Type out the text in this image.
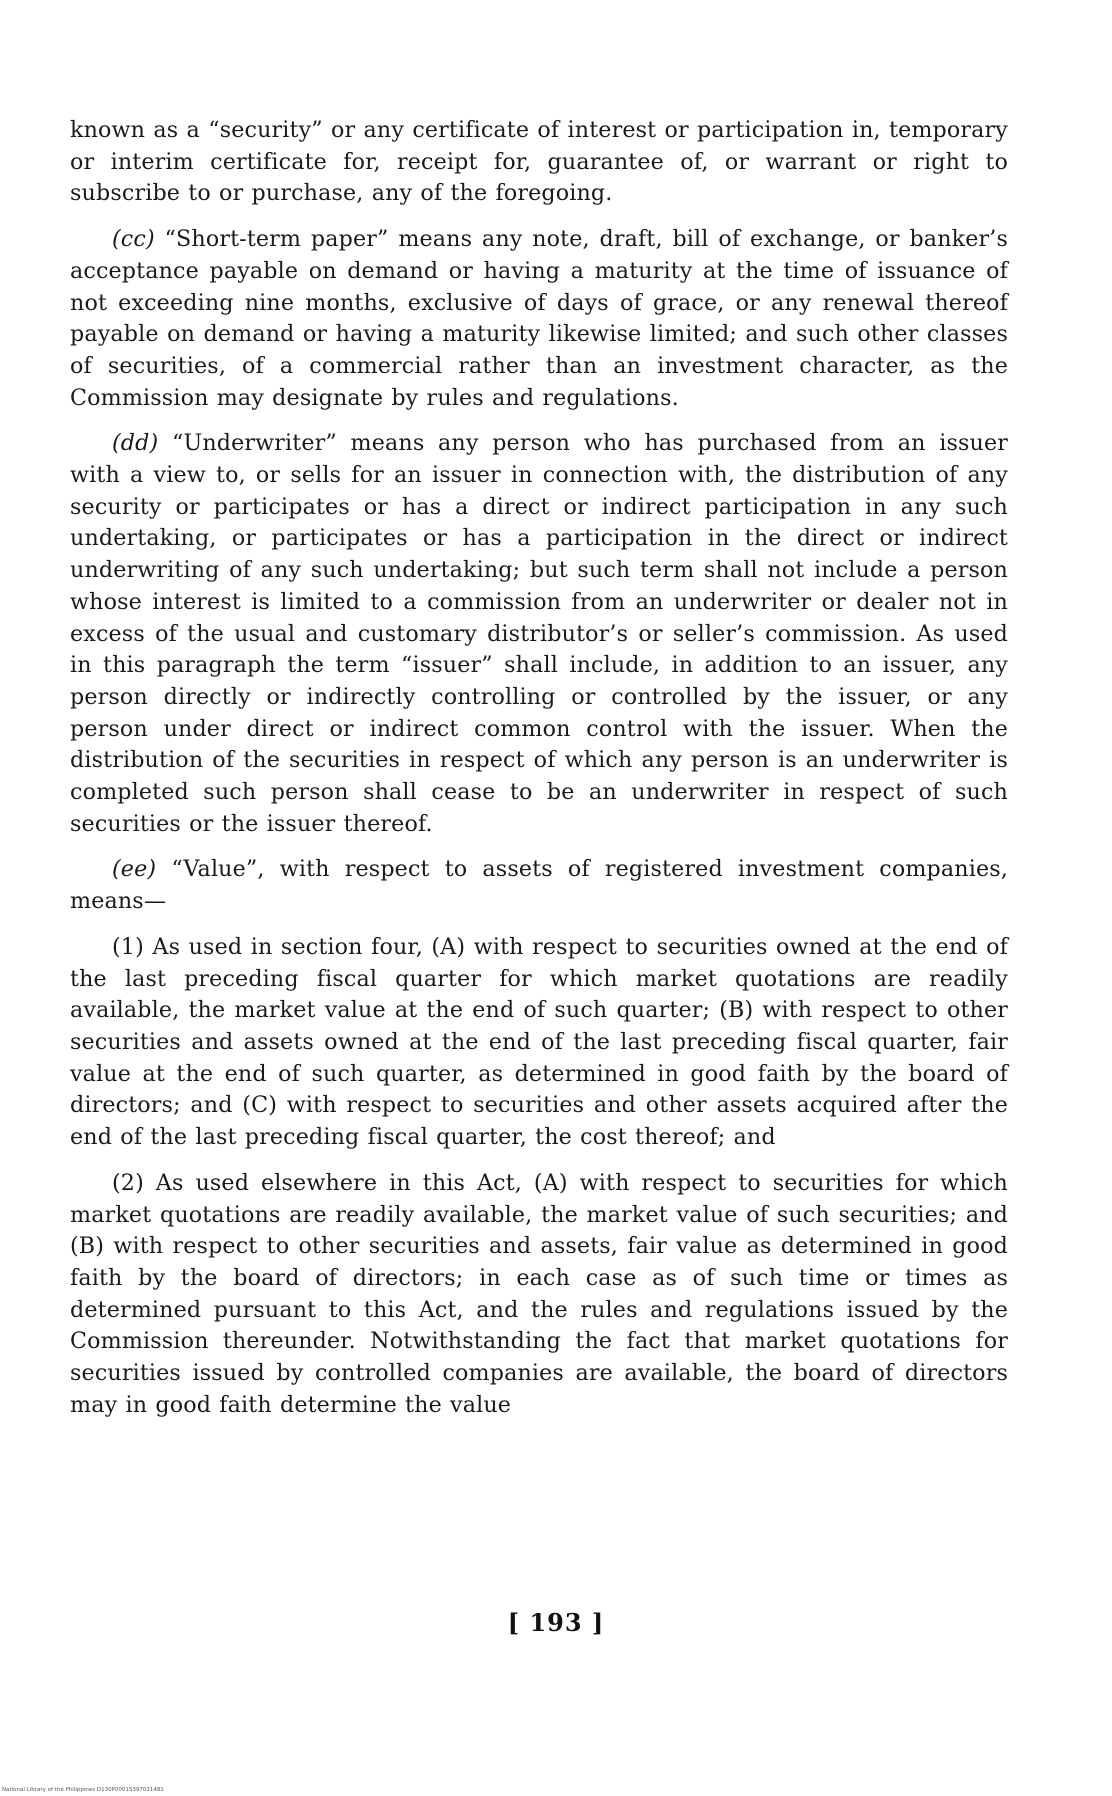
known as a “security” or any certificate of interest or participation in, temporary or interim certificate for, receipt for, guarantee of, or warrant or right to subscribe to or purchase, any of the foregoing.

(cc) “Short-term paper” means any note, draft, bill of exchange, or banker’s acceptance payable on demand or having a maturity at the time of issuance of not exceeding nine months, exclusive of days of grace, or any renewal thereof payable on demand or having a maturity likewise limited; and such other classes of securities, of a commercial rather than an investment character, as the Commission may designate by rules and regulations.

(dd) “Underwriter” means any person who has purchased from an issuer with a view to, or sells for an issuer in connection with, the distribution of any security or participates or has a direct or indirect participation in any such undertaking, or participates or has a participation in the direct or indirect underwriting of any such undertaking; but such term shall not include a person whose interest is limited to a commission from an underwriter or dealer not in excess of the usual and customary distributor’s or seller’s commission. As used in this paragraph the term “issuer” shall include, in addition to an issuer, any person directly or indirectly controlling or controlled by the issuer, or any person under direct or indirect common control with the issuer. When the distribution of the securities in respect of which any person is an underwriter is completed such person shall cease to be an underwriter in respect of such securities or the issuer thereof.

(ee) “Value”, with respect to assets of registered investment companies, means—

(1) As used in section four, (A) with respect to securities owned at the end of the last preceding fiscal quarter for which market quotations are readily available, the market value at the end of such quarter; (B) with respect to other securities and assets owned at the end of the last preceding fiscal quarter, fair value at the end of such quarter, as determined in good faith by the board of directors; and (C) with respect to securities and other assets acquired after the end of the last preceding fiscal quarter, the cost thereof; and

(2) As used elsewhere in this Act, (A) with respect to securities for which market quotations are readily available, the market value of such securities; and (B) with respect to other securities and assets, fair value as determined in good faith by the board of directors; in each case as of such time or times as determined pursuant to this Act, and the rules and regulations issued by the Commission thereunder. Notwithstanding the fact that market quotations for securities issued by controlled companies are available, the board of directors may in good faith determine the value

[ 193 ]
National Library of the Philippines D130P0001S397021481
